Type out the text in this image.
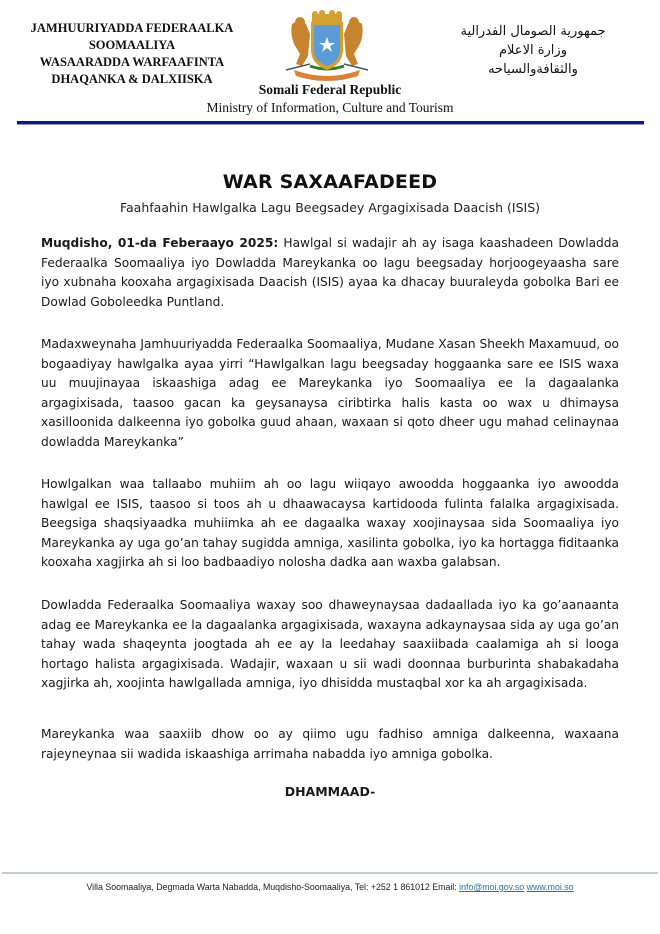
JAMHUURIYADDA FEDERAALKA
SOOMAALIYA
WASAARADDA WARFAAFINTA
DHAQANKA & DALXIISKA
Somali Federal Republic
Ministry of Information, Culture and Tourism
جمهورية الصومال الفدرالية
وزارة الاعلام
والثقافةوالسياحه
WAR SAXAAFADEED
Faahfaahin Hawlgalka Lagu Beegsadey Argagixisada Daacish (ISIS)
Muqdisho, 01-da Feberaayo 2025: Hawlgal si wadajir ah ay isaga kaashadeen Dowladda Federaalka Soomaaliya iyo Dowladda Mareykanka oo lagu beegsaday horjoogeyaasha sare iyo xubnaha kooxaha argagixisada Daacish (ISIS) ayaa ka dhacay buuraleyda gobolka Bari ee Dowlad Goboleedka Puntland.
Madaxweynaha Jamhuuriyadda Federaalka Soomaaliya, Mudane Xasan Sheekh Maxamuud, oo bogaadiyay hawlgalka ayaa yirri “Hawlgalkan lagu beegsaday hoggaanka sare ee ISIS waxa uu muujinayaa iskaashiga adag ee Mareykanka iyo Soomaaliya ee la dagaalanka argagixisada, taasoo gacan ka geysanaysa ciribtirka halis kasta oo wax u dhimaysa xasilloonida dalkeenna iyo gobolka guud ahaan, waxaan si qoto dheer ugu mahad celinaynaa dowladda Mareykanka”
Howlgalkan waa tallaabo muhiim ah oo lagu wiiqayo awoodda hoggaanka iyo awoodda hawlgal ee ISIS, taasoo si toos ah u dhaawacaysa kartidooda fulinta falalka argagixisada. Beegsiga shaqsiyaadka muhiimka ah ee dagaalka waxay xoojinaysaa sida Soomaaliya iyo Mareykanka ay uga go’an tahay sugidda amniga, xasilinta gobolka, iyo ka hortagga fiditaanka kooxaha xagjirka ah si loo badbaadiyo nolosha dadka aan waxba galabsan.
Dowladda Federaalka Soomaaliya waxay soo dhaweynaysaa dadaallada iyo ka go’aanaanta adag ee Mareykanka ee la dagaalanka argagixisada, waxayna adkaynaysaa sida ay uga go’an tahay wada shaqeynta joogtada ah ee ay la leedahay saaxiibada caalamiga ah si looga hortago halista argagixisada. Wadajir, waxaan u sii wadi doonnaa burburinta shabakadaha xagjirka ah, xoojinta hawlgallada amniga, iyo dhisidda mustaqbal xor ka ah argagixisada.
Mareykanka waa saaxiib dhow oo ay qiimo ugu fadhiso amniga dalkeenna, waxaana rajeyneynaa sii wadida iskaashiga arrimaha nabadda iyo amniga gobolka.
DHAMMAAD-
Villa Soomaaliya, Degmada Warta Nabadda, Muqdisho-Soomaaliya, Tel: +252 1 861012 Email: info@moi.gov.so www.moi.so
